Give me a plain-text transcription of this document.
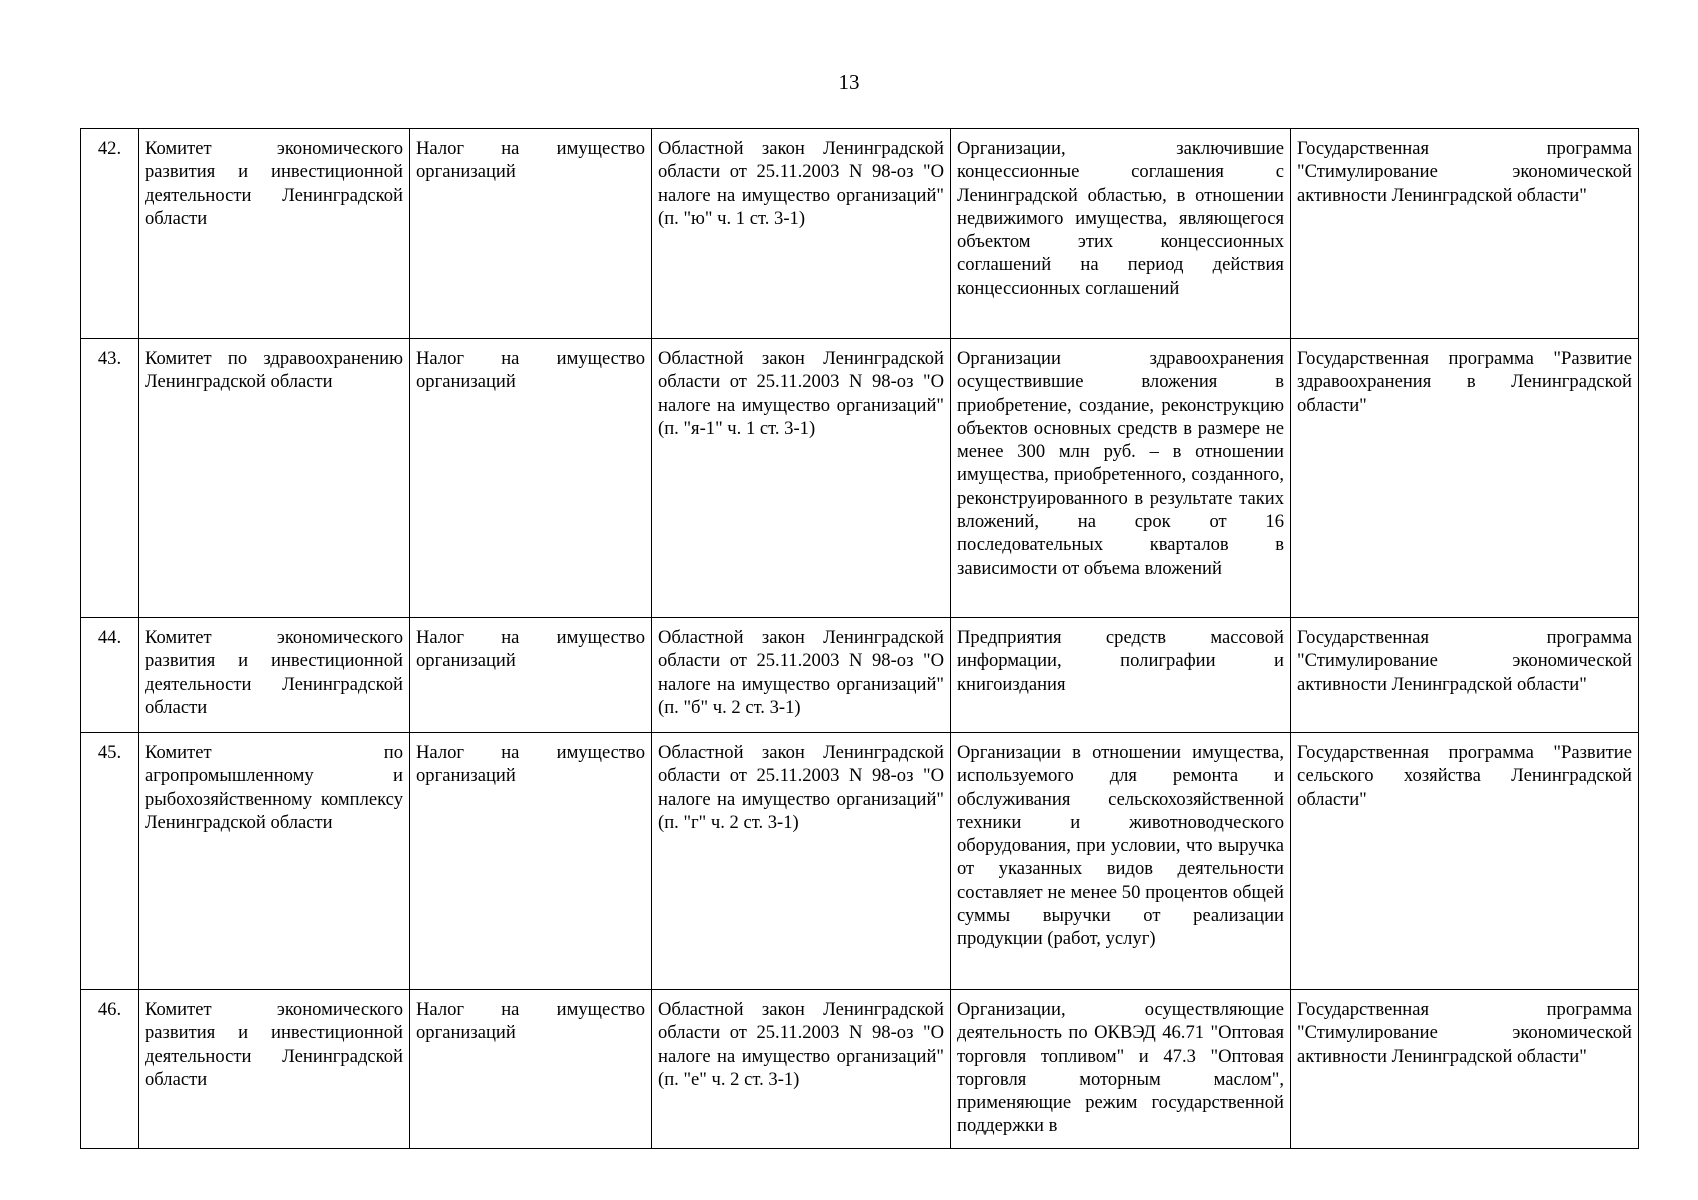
13
42.	Комитет экономического развития и инвестиционной деятельности Ленинградской области	Налог на имущество организаций	Областной закон Ленинградской области от 25.11.2003 N 98-оз "О налоге на имущество организаций" (п. "ю" ч. 1 ст. 3-1)	Организации, заключившие концессионные соглашения с Ленинградской областью, в отношении недвижимого имущества, являющегося объектом этих концессионных соглашений на период действия концессионных соглашений	Государственная программа "Стимулирование экономической активности Ленинградской области"
43.	Комитет по здравоохранению Ленинградской области	Налог на имущество организаций	Областной закон Ленинградской области от 25.11.2003 N 98-оз "О налоге на имущество организаций" (п. "я-1" ч. 1 ст. 3-1)	Организации здравоохранения осуществившие вложения в приобретение, создание, реконструкцию объектов основных средств в размере не менее 300 млн руб. – в отношении имущества, приобретенного, созданного, реконструированного в результате таких вложений, на срок от 16 последовательных кварталов в зависимости от объема вложений	Государственная программа "Развитие здравоохранения в Ленинградской области"
44.	Комитет экономического развития и инвестиционной деятельности Ленинградской области	Налог на имущество организаций	Областной закон Ленинградской области от 25.11.2003 N 98-оз "О налоге на имущество организаций" (п. "б" ч. 2 ст. 3-1)	Предприятия средств массовой информации, полиграфии и книгоиздания	Государственная программа "Стимулирование экономической активности Ленинградской области"
45.	Комитет по агропромышленному и рыбохозяйственному комплексу Ленинградской области	Налог на имущество организаций	Областной закон Ленинградской области от 25.11.2003 N 98-оз "О налоге на имущество организаций" (п. "г" ч. 2 ст. 3-1)	Организации в отношении имущества, используемого для ремонта и обслуживания сельскохозяйственной техники и животноводческого оборудования, при условии, что выручка от указанных видов деятельности составляет не менее 50 процентов общей суммы выручки от реализации продукции (работ, услуг)	Государственная программа "Развитие сельского хозяйства Ленинградской области"
46.	Комитет экономического развития и инвестиционной деятельности Ленинградской области	Налог на имущество организаций	Областной закон Ленинградской области от 25.11.2003 N 98-оз "О налоге на имущество организаций" (п. "е" ч. 2 ст. 3-1)	Организации, осуществляющие деятельность по ОКВЭД 46.71 "Оптовая торговля топливом" и 47.3 "Оптовая торговля моторным маслом", применяющие режим государственной поддержки в	Государственная программа "Стимулирование экономической активности Ленинградской области"
